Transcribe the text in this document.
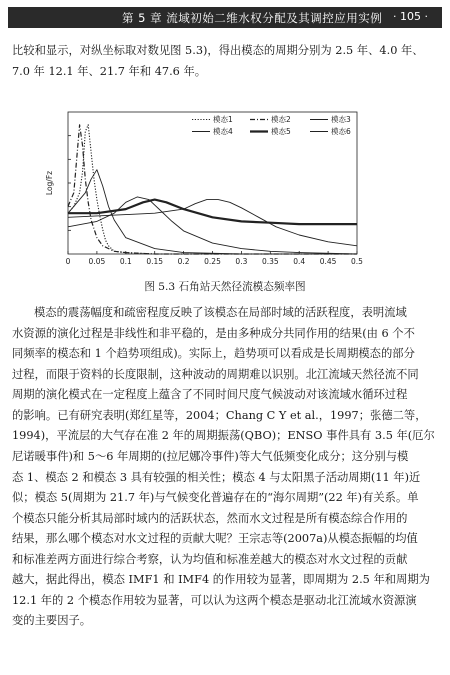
第 5 章 流域初始二维水权分配及其调控应用实例 · 105 ·
比较和显示，对纵坐标取对数见图 5.3)，得出模态的周期分别为 2.5 年、4.0 年、
7.0 年 12.1 年、21.7 年和 47.6 年。
0 0.05 0.1 0.15 0.2 0.25 0.3 0.35 0.4 0.45 0.5
Log/Fz
模态1	模态2	模态3
模态4	模态5	模态6
图 5.3 石角站天然径流模态频率图
模态的震荡幅度和疏密程度反映了该模态在局部时域的活跃程度，表明流域
水资源的演化过程是非线性和非平稳的，是由多种成分共同作用的结果(由 6 个不
同频率的模态和 1 个趋势项组成)。实际上，趋势项可以看成是长周期模态的部分
过程，而限于资料的长度限制，这种波动的周期难以识别。北江流域天然径流不同
周期的演化模式在一定程度上蕴含了不同时间尺度气候波动对该流域水循环过程
的影响。已有研究表明(郑红星等，2004；Chang C Y et al.，1997；张德二等，
1994)，平流层的大气存在准 2 年的周期振荡(QBO)；ENSO 事件具有 3.5 年(厄尔
尼诺暖事件)和 5～6 年周期的(拉尼娜冷事件)等大气低频变化成分；这分别与模
态 1、模态 2 和模态 3 具有较强的相关性；模态 4 与太阳黑子活动周期(11 年)近
似；模态 5(周期为 21.7 年)与气候变化普遍存在的“海尔周期”(22 年)有关系。单
个模态只能分析其局部时域内的活跃状态，然而水文过程是所有模态综合作用的
结果，那么哪个模态对水文过程的贡献大呢？王宗志等(2007a)从模态振幅的均值
和标准差两方面进行综合考察，认为均值和标准差越大的模态对水文过程的贡献
越大，据此得出，模态 IMF1 和 IMF4 的作用较为显著，即周期为 2.5 年和周期为
12.1 年的 2 个模态作用较为显著，可以认为这两个模态是驱动北江流域水资源演
变的主要因子。
